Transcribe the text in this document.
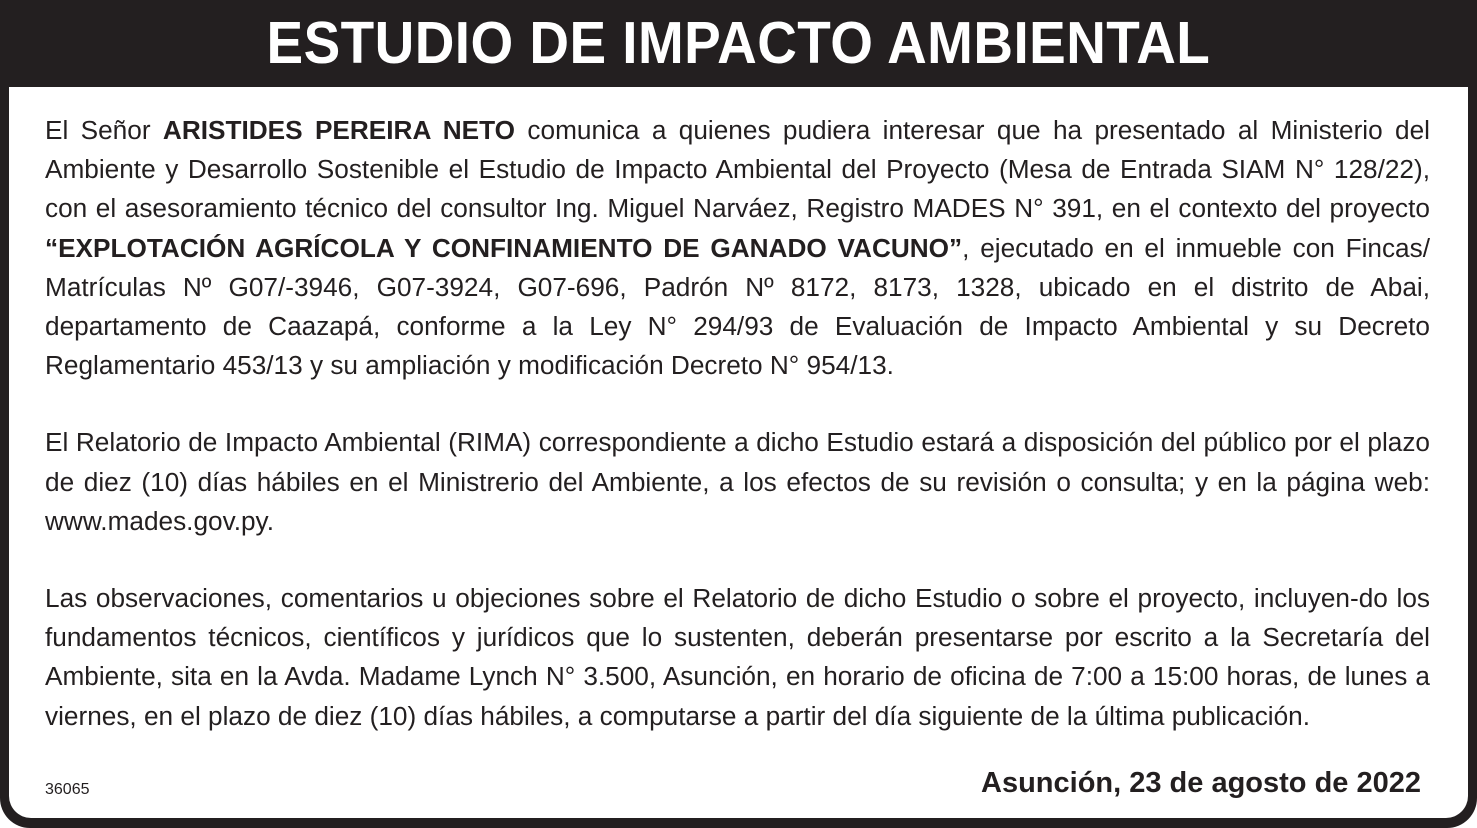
ESTUDIO DE IMPACTO AMBIENTAL

El Señor ARISTIDES PEREIRA NETO comunica a quienes pudiera interesar que ha presentado al Ministerio del Ambiente y Desarrollo Sostenible el Estudio de Impacto Ambiental del Proyecto (Mesa de Entrada SIAM N° 128/22), con el asesoramiento técnico del consultor Ing. Miguel Narváez, Registro MADES N° 391, en el contexto del proyecto “EXPLOTACIÓN AGRÍCOLA Y CONFINAMIENTO DE GANADO VACUNO”, ejecutado en el inmueble con Fincas/ Matrículas Nº G07/-3946, G07-3924, G07-696, Padrón Nº 8172, 8173, 1328, ubicado en el distrito de Abai, departamento de Caazapá, conforme a la Ley N° 294/93 de Evaluación de Impacto Ambiental y su Decreto Reglamentario 453/13 y su ampliación y modificación Decreto N° 954/13.

El Relatorio de Impacto Ambiental (RIMA) correspondiente a dicho Estudio estará a disposición del público por el plazo de diez (10) días hábiles en el Ministrerio del Ambiente, a los efectos de su revisión o consulta; y en la página web: www.mades.gov.py.

Las observaciones, comentarios u objeciones sobre el Relatorio de dicho Estudio o sobre el proyecto, incluyen-do los fundamentos técnicos, científicos y jurídicos que lo sustenten, deberán presentarse por escrito a la Secretaría del Ambiente, sita en la Avda. Madame Lynch N° 3.500, Asunción, en horario de oficina de 7:00 a 15:00 horas, de lunes a viernes, en el plazo de diez (10) días hábiles, a computarse a partir del día siguiente de la última publicación.

36065	Asunción, 23 de agosto de 2022
